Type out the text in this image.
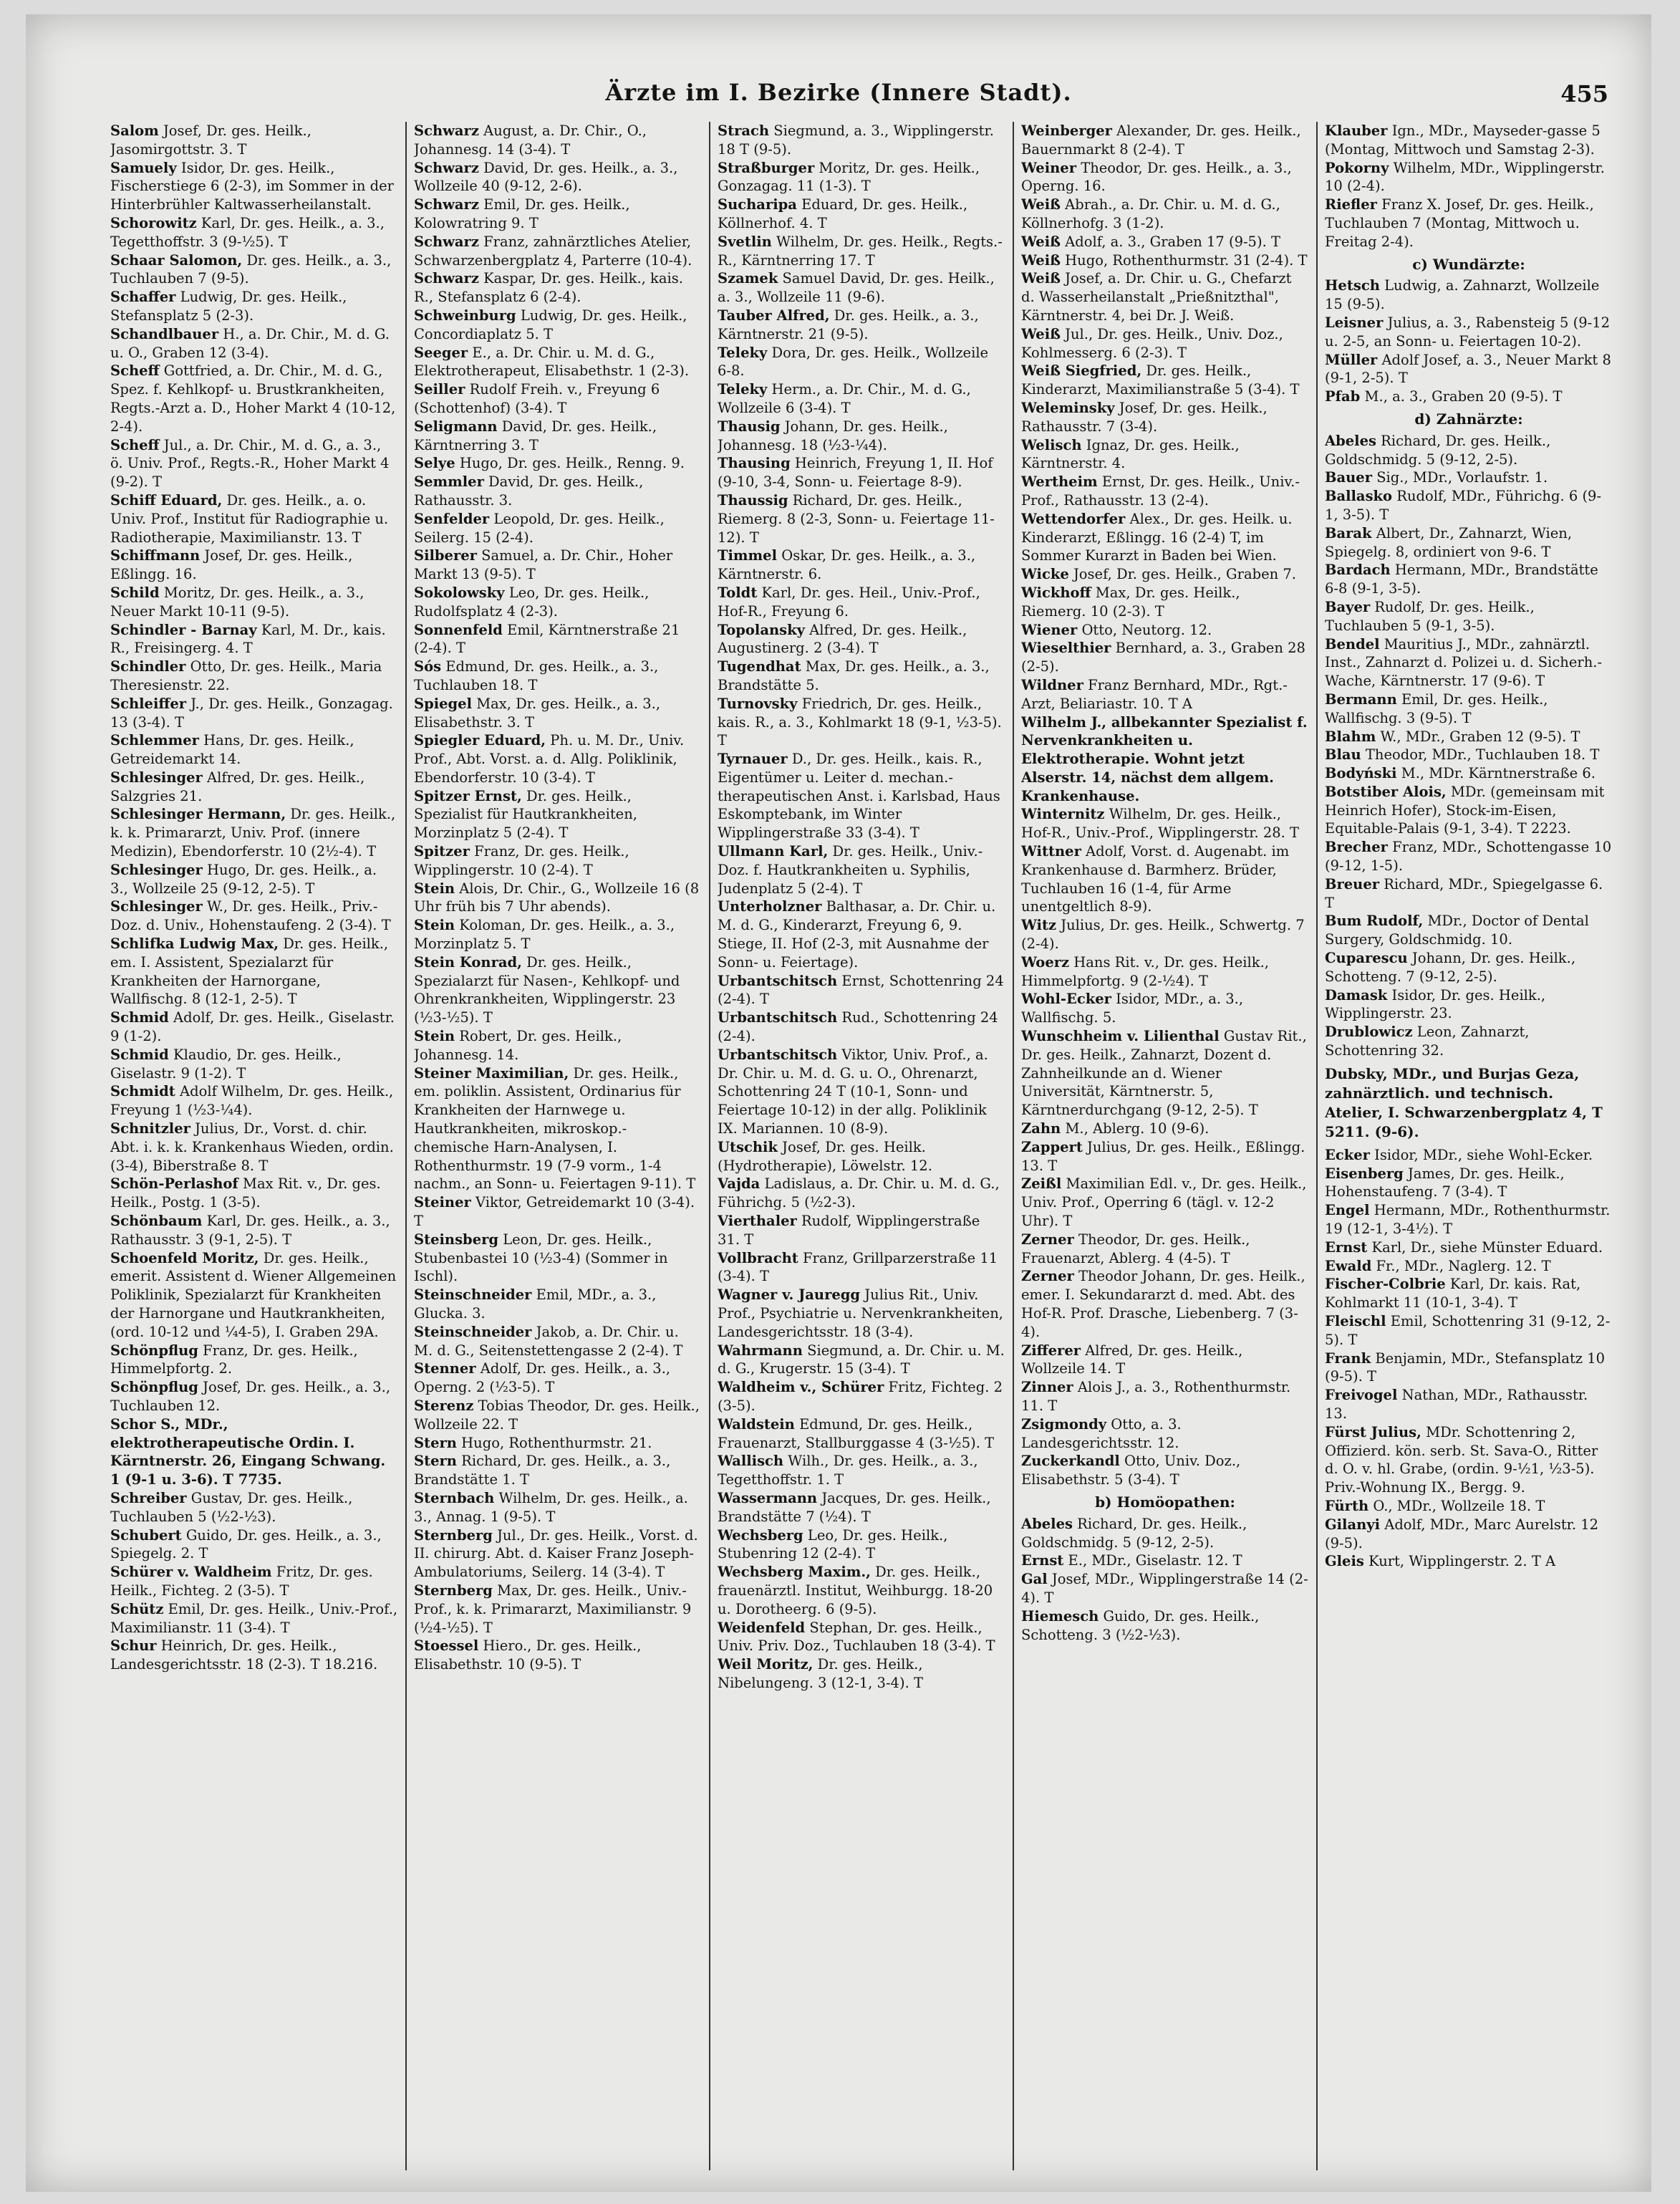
Ärzte im I. Bezirke (Innere Stadt).	455
Salom Josef, Dr. ges. Heilk., Jasomirgottstr. 3. T
Samuely Isidor, Dr. ges. Heilk., Fischerstiege 6 (2-3), im Sommer in der Hinterbrühler Kaltwasserheilanstalt.
Schorowitz Karl, Dr. ges. Heilk., a. 3., Tegetthoffstr. 3 (9-½5). T
Schaar Salomon, Dr. ges. Heilk., a. 3., Tuchlauben 7 (9-5).
Schaffer Ludwig, Dr. ges. Heilk., Stefansplatz 5 (2-3).
Schandlbauer H., a. Dr. Chir., M. d. G. u. O., Graben 12 (3-4).
Scheff Gottfried, a. Dr. Chir., M. d. G., Spez. f. Kehlkopf- u. Brustkrankheiten, Regts.-Arzt a. D., Hoher Markt 4 (10-12, 2-4).
Scheff Jul., a. Dr. Chir., M. d. G., a. 3., ö. Univ. Prof., Regts.-R., Hoher Markt 4 (9-2). T
Schiff Eduard, Dr. ges. Heilk., a. o. Univ. Prof., Institut für Radiographie u. Radiotherapie, Maximilianstr. 13. T
Schiffmann Josef, Dr. ges. Heilk., Eßlingg. 16.
Schild Moritz, Dr. ges. Heilk., a. 3., Neuer Markt 10-11 (9-5).
Schindler - Barnay Karl, M. Dr., kais. R., Freisingerg. 4. T
Schindler Otto, Dr. ges. Heilk., Maria Theresienstr. 22.
Schleiffer J., Dr. ges. Heilk., Gonzagag. 13 (3-4). T
Schlemmer Hans, Dr. ges. Heilk., Getreidemarkt 14.
Schlesinger Alfred, Dr. ges. Heilk., Salzgries 21.
Schlesinger Hermann, Dr. ges. Heilk., k. k. Primararzt, Univ. Prof. (innere Medizin), Ebendorferstr. 10 (2½-4). T
Schlesinger Hugo, Dr. ges. Heilk., a. 3., Wollzeile 25 (9-12, 2-5). T
Schlesinger W., Dr. ges. Heilk., Priv.-Doz. d. Univ., Hohenstaufeng. 2 (3-4). T
Schlifka Ludwig Max, Dr. ges. Heilk., em. I. Assistent, Spezialarzt für Krankheiten der Harnorgane, Wallfischg. 8 (12-1, 2-5). T
Schmid Adolf, Dr. ges. Heilk., Giselastr. 9 (1-2).
Schmid Klaudio, Dr. ges. Heilk., Giselastr. 9 (1-2). T
Schmidt Adolf Wilhelm, Dr. ges. Heilk., Freyung 1 (½3-¼4).
Schnitzler Julius, Dr., Vorst. d. chir. Abt. i. k. k. Krankenhaus Wieden, ordin. (3-4), Biberstraße 8. T
Schön-Perlashof Max Rit. v., Dr. ges. Heilk., Postg. 1 (3-5).
Schönbaum Karl, Dr. ges. Heilk., a. 3., Rathausstr. 3 (9-1, 2-5). T
Schoenfeld Moritz, Dr. ges. Heilk., emerit. Assistent d. Wiener Allgemeinen Poliklinik, Spezialarzt für Krankheiten der Harnorgane und Hautkrankheiten, (ord. 10-12 und ¼4-5), I. Graben 29A.
Schönpflug Franz, Dr. ges. Heilk., Himmelpfortg. 2.
Schönpflug Josef, Dr. ges. Heilk., a. 3., Tuchlauben 12.
Schor S., MDr., elektrotherapeutische Ordin. I. Kärntnerstr. 26, Eingang Schwang. 1 (9-1 u. 3-6). T 7735.
Schreiber Gustav, Dr. ges. Heilk., Tuchlauben 5 (½2-½3).
Schubert Guido, Dr. ges. Heilk., a. 3., Spiegelg. 2. T
Schürer v. Waldheim Fritz, Dr. ges. Heilk., Fichteg. 2 (3-5). T
Schütz Emil, Dr. ges. Heilk., Univ.-Prof., Maximilianstr. 11 (3-4). T
Schur Heinrich, Dr. ges. Heilk., Landesgerichtsstr. 18 (2-3). T 18.216.
Schwarz August, a. Dr. Chir., O., Johannesg. 14 (3-4). T
Schwarz David, Dr. ges. Heilk., a. 3., Wollzeile 40 (9-12, 2-6).
Schwarz Emil, Dr. ges. Heilk., Kolowratring 9. T
Schwarz Franz, zahnärztliches Atelier, Schwarzenbergplatz 4, Parterre (10-4).
Schwarz Kaspar, Dr. ges. Heilk., kais. R., Stefansplatz 6 (2-4).
Schweinburg Ludwig, Dr. ges. Heilk., Concordiaplatz 5. T
Seeger E., a. Dr. Chir. u. M. d. G., Elektrotherapeut, Elisabethstr. 1 (2-3).
Seiller Rudolf Freih. v., Freyung 6 (Schottenhof) (3-4). T
Seligmann David, Dr. ges. Heilk., Kärntnerring 3. T
Selye Hugo, Dr. ges. Heilk., Renng. 9.
Semmler David, Dr. ges. Heilk., Rathausstr. 3.
Senfelder Leopold, Dr. ges. Heilk., Seilerg. 15 (2-4).
Silberer Samuel, a. Dr. Chir., Hoher Markt 13 (9-5). T
Sokolowsky Leo, Dr. ges. Heilk., Rudolfsplatz 4 (2-3).
Sonnenfeld Emil, Kärntnerstraße 21 (2-4). T
Sós Edmund, Dr. ges. Heilk., a. 3., Tuchlauben 18. T
Spiegel Max, Dr. ges. Heilk., a. 3., Elisabethstr. 3. T
Spiegler Eduard, Ph. u. M. Dr., Univ. Prof., Abt. Vorst. a. d. Allg. Poliklinik, Ebendorferstr. 10 (3-4). T
Spitzer Ernst, Dr. ges. Heilk., Spezialist für Hautkrankheiten, Morzinplatz 5 (2-4). T
Spitzer Franz, Dr. ges. Heilk., Wipplingerstr. 10 (2-4). T
Stein Alois, Dr. Chir., G., Wollzeile 16 (8 Uhr früh bis 7 Uhr abends).
Stein Koloman, Dr. ges. Heilk., a. 3., Morzinplatz 5. T
Stein Konrad, Dr. ges. Heilk., Spezialarzt für Nasen-, Kehlkopf- und Ohrenkrankheiten, Wipplingerstr. 23 (½3-½5). T
Stein Robert, Dr. ges. Heilk., Johannesg. 14.
Steiner Maximilian, Dr. ges. Heilk., em. poliklin. Assistent, Ordinarius für Krankheiten der Harnwege u. Hautkrankheiten, mikroskop.-chemische Harn-Analysen, I. Rothenthurmstr. 19 (7-9 vorm., 1-4 nachm., an Sonn- u. Feiertagen 9-11). T
Steiner Viktor, Getreidemarkt 10 (3-4). T
Steinsberg Leon, Dr. ges. Heilk., Stubenbastei 10 (½3-4) (Sommer in Ischl).
Steinschneider Emil, MDr., a. 3., Glucka. 3.
Steinschneider Jakob, a. Dr. Chir. u. M. d. G., Seitenstettengasse 2 (2-4). T
Stenner Adolf, Dr. ges. Heilk., a. 3., Operng. 2 (½3-5). T
Sterenz Tobias Theodor, Dr. ges. Heilk., Wollzeile 22. T
Stern Hugo, Rothenthurmstr. 21.
Stern Richard, Dr. ges. Heilk., a. 3., Brandstätte 1. T
Sternbach Wilhelm, Dr. ges. Heilk., a. 3., Annag. 1 (9-5). T
Sternberg Jul., Dr. ges. Heilk., Vorst. d. II. chirurg. Abt. d. Kaiser Franz Joseph-Ambulatoriums, Seilerg. 14 (3-4). T
Sternberg Max, Dr. ges. Heilk., Univ.-Prof., k. k. Primararzt, Maximilianstr. 9 (½4-½5). T
Stoessel Hiero., Dr. ges. Heilk., Elisabethstr. 10 (9-5). T
Strach Siegmund, a. 3., Wipplingerstr. 18 T (9-5).
Straßburger Moritz, Dr. ges. Heilk., Gonzagag. 11 (1-3). T
Sucharipa Eduard, Dr. ges. Heilk., Köllnerhof. 4. T
Svetlin Wilhelm, Dr. ges. Heilk., Regts.-R., Kärntnerring 17. T
Szamek Samuel David, Dr. ges. Heilk., a. 3., Wollzeile 11 (9-6).
Tauber Alfred, Dr. ges. Heilk., a. 3., Kärntnerstr. 21 (9-5).
Teleky Dora, Dr. ges. Heilk., Wollzeile 6-8.
Teleky Herm., a. Dr. Chir., M. d. G., Wollzeile 6 (3-4). T
Thausig Johann, Dr. ges. Heilk., Johannesg. 18 (½3-¼4).
Thausing Heinrich, Freyung 1, II. Hof (9-10, 3-4, Sonn- u. Feiertage 8-9).
Thaussig Richard, Dr. ges. Heilk., Riemerg. 8 (2-3, Sonn- u. Feiertage 11-12). T
Timmel Oskar, Dr. ges. Heilk., a. 3., Kärntnerstr. 6.
Toldt Karl, Dr. ges. Heil., Univ.-Prof., Hof-R., Freyung 6.
Topolansky Alfred, Dr. ges. Heilk., Augustinerg. 2 (3-4). T
Tugendhat Max, Dr. ges. Heilk., a. 3., Brandstätte 5.
Turnovsky Friedrich, Dr. ges. Heilk., kais. R., a. 3., Kohlmarkt 18 (9-1, ½3-5). T
Tyrnauer D., Dr. ges. Heilk., kais. R., Eigentümer u. Leiter d. mechan.-therapeutischen Anst. i. Karlsbad, Haus Eskomptebank, im Winter Wipplingerstraße 33 (3-4). T
Ullmann Karl, Dr. ges. Heilk., Univ.-Doz. f. Hautkrankheiten u. Syphilis, Judenplatz 5 (2-4). T
Unterholzner Balthasar, a. Dr. Chir. u. M. d. G., Kinderarzt, Freyung 6, 9. Stiege, II. Hof (2-3, mit Ausnahme der Sonn- u. Feiertage).
Urbantschitsch Ernst, Schottenring 24 (2-4). T
Urbantschitsch Rud., Schottenring 24 (2-4).
Urbantschitsch Viktor, Univ. Prof., a. Dr. Chir. u. M. d. G. u. O., Ohrenarzt, Schottenring 24 T (10-1, Sonn- und Feiertage 10-12) in der allg. Poliklinik IX. Mariannen. 10 (8-9).
Utschik Josef, Dr. ges. Heilk. (Hydrotherapie), Löwelstr. 12.
Vajda Ladislaus, a. Dr. Chir. u. M. d. G., Führichg. 5 (½2-3).
Vierthaler Rudolf, Wipplingerstraße 31. T
Vollbracht Franz, Grillparzerstraße 11 (3-4). T
Wagner v. Jauregg Julius Rit., Univ. Prof., Psychiatrie u. Nervenkrankheiten, Landesgerichtsstr. 18 (3-4).
Wahrmann Siegmund, a. Dr. Chir. u. M. d. G., Krugerstr. 15 (3-4). T
Waldheim v., Schürer Fritz, Fichteg. 2 (3-5).
Waldstein Edmund, Dr. ges. Heilk., Frauenarzt, Stallburggasse 4 (3-½5). T
Wallisch Wilh., Dr. ges. Heilk., a. 3., Tegetthoffstr. 1. T
Wassermann Jacques, Dr. ges. Heilk., Brandstätte 7 (½4). T
Wechsberg Leo, Dr. ges. Heilk., Stubenring 12 (2-4). T
Wechsberg Maxim., Dr. ges. Heilk., frauenärztl. Institut, Weihburgg. 18-20 u. Dorotheerg. 6 (9-5).
Weidenfeld Stephan, Dr. ges. Heilk., Univ. Priv. Doz., Tuchlauben 18 (3-4). T
Weil Moritz, Dr. ges. Heilk., Nibelungeng. 3 (12-1, 3-4). T
Weinberger Alexander, Dr. ges. Heilk., Bauernmarkt 8 (2-4). T
Weiner Theodor, Dr. ges. Heilk., a. 3., Operng. 16.
Weiß Abrah., a. Dr. Chir. u. M. d. G., Köllnerhofg. 3 (1-2).
Weiß Adolf, a. 3., Graben 17 (9-5). T
Weiß Hugo, Rothenthurmstr. 31 (2-4). T
Weiß Josef, a. Dr. Chir. u. G., Chefarzt d. Wasserheilanstalt „Prießnitzthal", Kärntnerstr. 4, bei Dr. J. Weiß.
Weiß Jul., Dr. ges. Heilk., Univ. Doz., Kohlmesserg. 6 (2-3). T
Weiß Siegfried, Dr. ges. Heilk., Kinderarzt, Maximilianstraße 5 (3-4). T
Weleminsky Josef, Dr. ges. Heilk., Rathausstr. 7 (3-4).
Welisch Ignaz, Dr. ges. Heilk., Kärntnerstr. 4.
Wertheim Ernst, Dr. ges. Heilk., Univ.-Prof., Rathausstr. 13 (2-4).
Wettendorfer Alex., Dr. ges. Heilk. u. Kinderarzt, Eßlingg. 16 (2-4) T, im Sommer Kurarzt in Baden bei Wien.
Wicke Josef, Dr. ges. Heilk., Graben 7.
Wickhoff Max, Dr. ges. Heilk., Riemerg. 10 (2-3). T
Wiener Otto, Neutorg. 12.
Wieselthier Bernhard, a. 3., Graben 28 (2-5).
Wildner Franz Bernhard, MDr., Rgt.-Arzt, Beliariastr. 10. T A
Wilhelm J., allbekannter Spezialist f. Nervenkrankheiten u. Elektrotherapie. Wohnt jetzt Alserstr. 14, nächst dem allgem. Krankenhause.
Winternitz Wilhelm, Dr. ges. Heilk., Hof-R., Univ.-Prof., Wipplingerstr. 28. T
Wittner Adolf, Vorst. d. Augenabt. im Krankenhause d. Barmherz. Brüder, Tuchlauben 16 (1-4, für Arme unentgeltlich 8-9).
Witz Julius, Dr. ges. Heilk., Schwertg. 7 (2-4).
Woerz Hans Rit. v., Dr. ges. Heilk., Himmelpfortg. 9 (2-½4). T
Wohl-Ecker Isidor, MDr., a. 3., Wallfischg. 5.
Wunschheim v. Lilienthal Gustav Rit., Dr. ges. Heilk., Zahnarzt, Dozent d. Zahnheilkunde an d. Wiener Universität, Kärntnerstr. 5, Kärntnerdurchgang (9-12, 2-5). T
Zahn M., Ablerg. 10 (9-6).
Zappert Julius, Dr. ges. Heilk., Eßlingg. 13. T
Zeißl Maximilian Edl. v., Dr. ges. Heilk., Univ. Prof., Operring 6 (tägl. v. 12-2 Uhr). T
Zerner Theodor, Dr. ges. Heilk., Frauenarzt, Ablerg. 4 (4-5). T
Zerner Theodor Johann, Dr. ges. Heilk., emer. I. Sekundararzt d. med. Abt. des Hof-R. Prof. Drasche, Liebenberg. 7 (3-4).
Zifferer Alfred, Dr. ges. Heilk., Wollzeile 14. T
Zinner Alois J., a. 3., Rothenthurmstr. 11. T
Zsigmondy Otto, a. 3. Landesgerichtsstr. 12.
Zuckerkandl Otto, Univ. Doz., Elisabethstr. 5 (3-4). T
b) Homöopathen:
Abeles Richard, Dr. ges. Heilk., Goldschmidg. 5 (9-12, 2-5).
Ernst E., MDr., Giselastr. 12. T
Gal Josef, MDr., Wipplingerstraße 14 (2-4). T
Hiemesch Guido, Dr. ges. Heilk., Schotteng. 3 (½2-½3).
Klauber Ign., MDr., Mayseder-gasse 5 (Montag, Mittwoch und Samstag 2-3).
Pokorny Wilhelm, MDr., Wipplingerstr. 10 (2-4).
Riefler Franz X. Josef, Dr. ges. Heilk., Tuchlauben 7 (Montag, Mittwoch u. Freitag 2-4).
c) Wundärzte:
Hetsch Ludwig, a. Zahnarzt, Wollzeile 15 (9-5).
Leisner Julius, a. 3., Rabensteig 5 (9-12 u. 2-5, an Sonn- u. Feiertagen 10-2).
Müller Adolf Josef, a. 3., Neuer Markt 8 (9-1, 2-5). T
Pfab M., a. 3., Graben 20 (9-5). T
d) Zahnärzte:
Abeles Richard, Dr. ges. Heilk., Goldschmidg. 5 (9-12, 2-5).
Bauer Sig., MDr., Vorlaufstr. 1.
Ballasko Rudolf, MDr., Führichg. 6 (9-1, 3-5). T
Barak Albert, Dr., Zahnarzt, Wien, Spiegelg. 8, ordiniert von 9-6. T
Bardach Hermann, MDr., Brandstätte 6-8 (9-1, 3-5).
Bayer Rudolf, Dr. ges. Heilk., Tuchlauben 5 (9-1, 3-5).
Bendel Mauritius J., MDr., zahnärztl. Inst., Zahnarzt d. Polizei u. d. Sicherh.-Wache, Kärntnerstr. 17 (9-6). T
Bermann Emil, Dr. ges. Heilk., Wallfischg. 3 (9-5). T
Blahm W., MDr., Graben 12 (9-5). T
Blau Theodor, MDr., Tuchlauben 18. T
Bodyński M., MDr. Kärntnerstraße 6.
Botstiber Alois, MDr. (gemeinsam mit Heinrich Hofer), Stock-im-Eisen, Equitable-Palais (9-1, 3-4). T 2223.
Brecher Franz, MDr., Schottengasse 10 (9-12, 1-5).
Breuer Richard, MDr., Spiegelgasse 6. T
Bum Rudolf, MDr., Doctor of Dental Surgery, Goldschmidg. 10.
Cuparescu Johann, Dr. ges. Heilk., Schotteng. 7 (9-12, 2-5).
Damask Isidor, Dr. ges. Heilk., Wipplingerstr. 23.
Drublowicz Leon, Zahnarzt, Schottenring 32.
Dubsky, MDr., und Burjas Geza, zahnärztlich. und technisch. Atelier, I. Schwarzenbergplatz 4, T 5211. (9-6).
Ecker Isidor, MDr., siehe Wohl-Ecker.
Eisenberg James, Dr. ges. Heilk., Hohenstaufeng. 7 (3-4). T
Engel Hermann, MDr., Rothenthurmstr. 19 (12-1, 3-4½). T
Ernst Karl, Dr., siehe Münster Eduard.
Ewald Fr., MDr., Naglerg. 12. T
Fischer-Colbrie Karl, Dr. kais. Rat, Kohlmarkt 11 (10-1, 3-4). T
Fleischl Emil, Schottenring 31 (9-12, 2-5). T
Frank Benjamin, MDr., Stefansplatz 10 (9-5). T
Freivogel Nathan, MDr., Rathausstr. 13.
Fürst Julius, MDr. Schottenring 2, Offizierd. kön. serb. St. Sava-O., Ritter d. O. v. hl. Grabe, (ordin. 9-½1, ½3-5). Priv.-Wohnung IX., Bergg. 9.
Fürth O., MDr., Wollzeile 18. T
Gilanyi Adolf, MDr., Marc Aurelstr. 12 (9-5).
Gleis Kurt, Wipplingerstr. 2. T A
